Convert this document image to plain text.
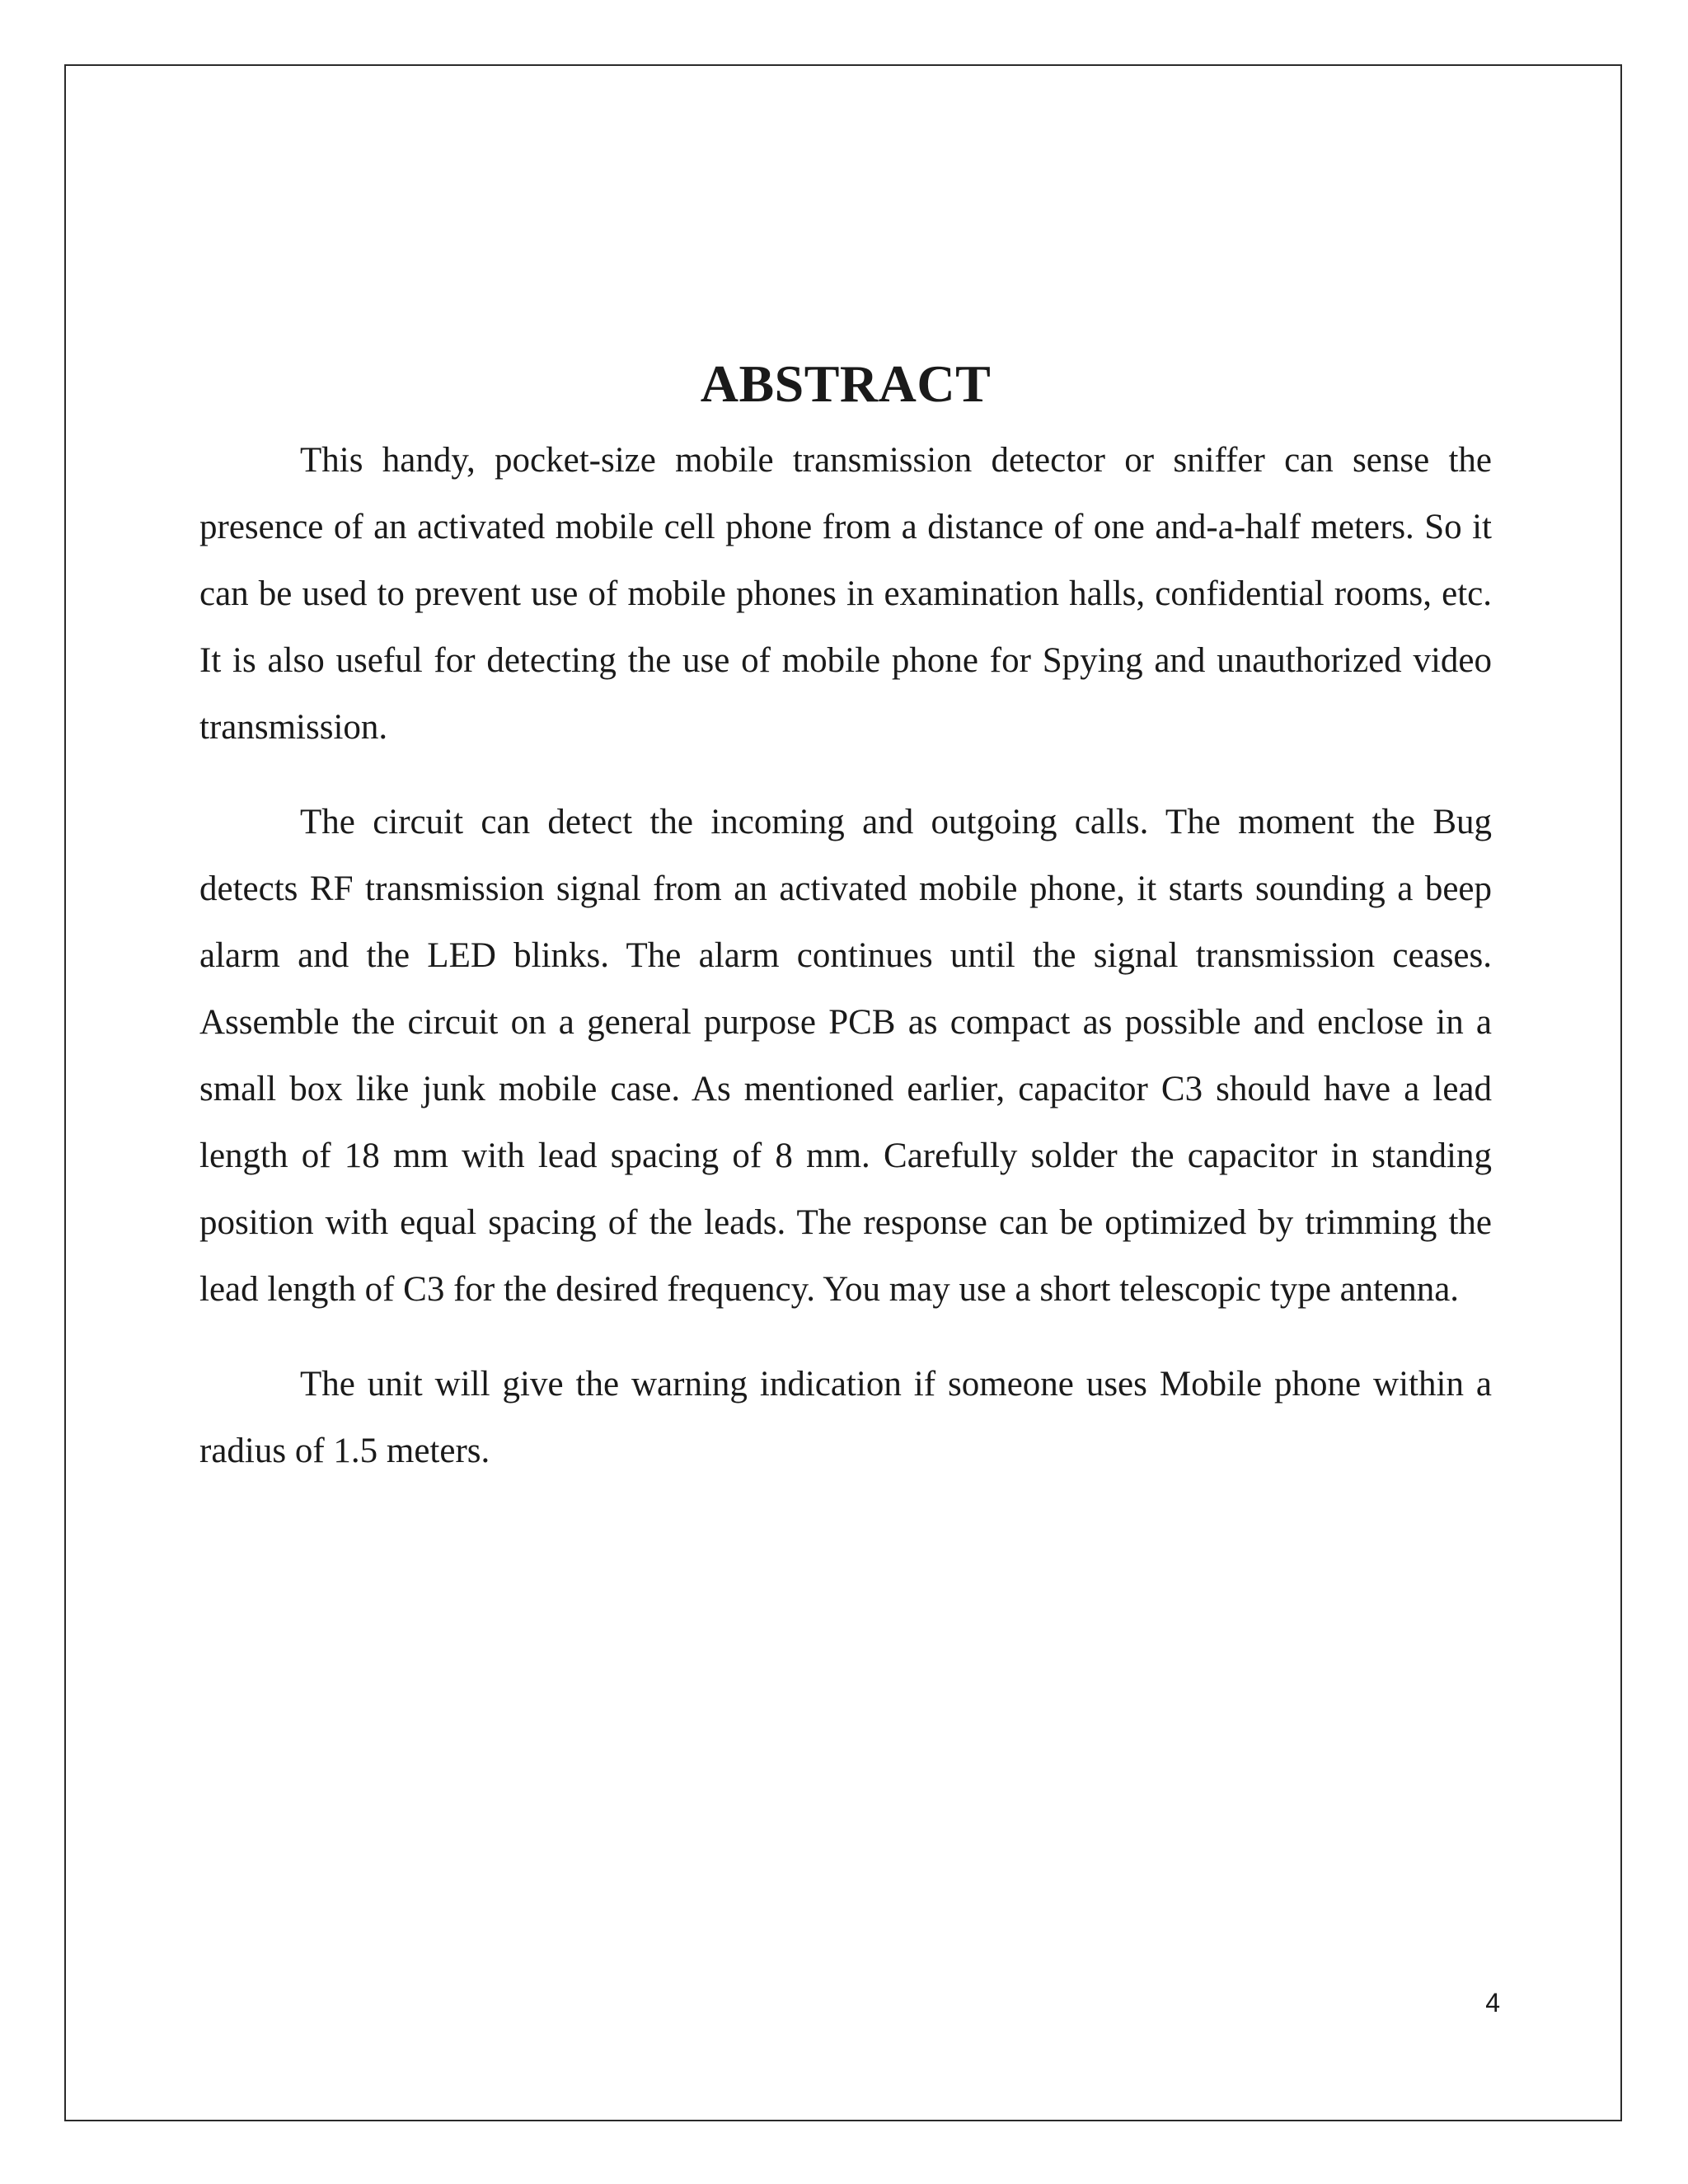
ABSTRACT

This handy, pocket-size mobile transmission detector or sniffer can sense the presence of an activated mobile cell phone from a distance of one and-a-half meters. So it can be used to prevent use of mobile phones in examination halls, confidential rooms, etc. It is also useful for detecting the use of mobile phone for Spying and unauthorized video transmission.

The circuit can detect the incoming and outgoing calls. The moment the Bug detects RF transmission signal from an activated mobile phone, it starts sounding a beep alarm and the LED blinks. The alarm continues until the signal transmission ceases. Assemble the circuit on a general purpose PCB as compact as possible and enclose in a small box like junk mobile case. As mentioned earlier, capacitor C3 should have a lead length of 18 mm with lead spacing of 8 mm. Carefully solder the capacitor in standing position with equal spacing of the leads. The response can be optimized by trimming the lead length of C3 for the desired frequency. You may use a short telescopic type antenna.

The unit will give the warning indication if someone uses Mobile phone within a radius of 1.5 meters.

4
